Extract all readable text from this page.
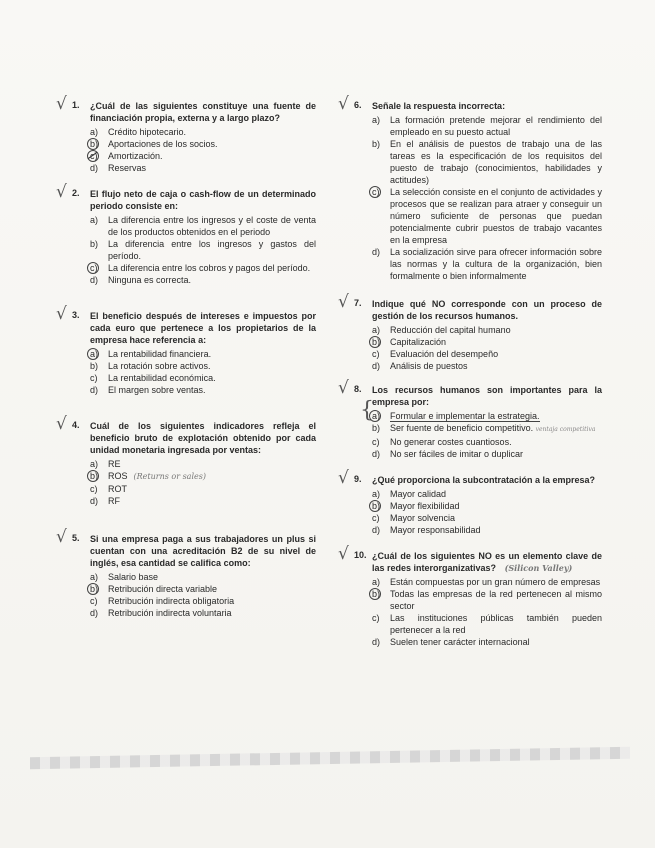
√ 1. ¿Cuál de las siguientes constituye una fuente de financiación propia, externa y a largo plazo?
a) Crédito hipotecario.
b) Aportaciones de los socios.
c) Amortización.
d) Reservas
√ 2. El flujo neto de caja o cash-flow de un determinado periodo consiste en:
a) La diferencia entre los ingresos y el coste de venta de los productos obtenidos en el periodo
b) La diferencia entre los ingresos y gastos del período.
c) La diferencia entre los cobros y pagos del período.
d) Ninguna es correcta.
√ 3. El beneficio después de intereses e impuestos por cada euro que pertenece a los propietarios de la empresa hace referencia a:
a) La rentabilidad financiera.
b) La rotación sobre activos.
c) La rentabilidad económica.
d) El margen sobre ventas.
√ 4. Cuál de los siguientes indicadores refleja el beneficio bruto de explotación obtenido por cada unidad monetaria ingresada por ventas:
a) RE
b) ROS (Returns or sales)
c) ROT
d) RF
√ 5. Si una empresa paga a sus trabajadores un plus si cuentan con una acreditación B2 de su nivel de inglés, esa cantidad se califica como:
a) Salario base
b) Retribución directa variable
c) Retribución indirecta obligatoria
d) Retribución indirecta voluntaria
√ 6. Señale la respuesta incorrecta:
a) La formación pretende mejorar el rendimiento del empleado en su puesto actual
b) En el análisis de puestos de trabajo una de las tareas es la especificación de los requisitos del puesto de trabajo (conocimientos, habilidades y actitudes)
c) La selección consiste en el conjunto de actividades y procesos que se realizan para atraer y conseguir un número suficiente de personas que puedan potencialmente cubrir puestos de trabajo vacantes en la empresa
d) La socialización sirve para ofrecer información sobre las normas y la cultura de la organización, bien formalmente o bien informalmente
√ 7. Indique qué NO corresponde con un proceso de gestión de los recursos humanos.
a) Reducción del capital humano
b) Capitalización
c) Evaluación del desempeño
d) Análisis de puestos
√ 8. Los recursos humanos son importantes para la empresa por:
{
a) Formular e implementar la estrategia.
b) Ser fuente de beneficio competitivo. ventaja competitiva
c) No generar costes cuantiosos.
d) No ser fáciles de imitar o duplicar
√ 9. ¿Qué proporciona la subcontratación a la empresa?
a) Mayor calidad
b) Mayor flexibilidad
c) Mayor solvencia
d) Mayor responsabilidad
√ 10. ¿Cuál de los siguientes NO es un elemento clave de las redes interorganizativas? (Silicon Valley)
a) Están compuestas por un gran número de empresas
b) Todas las empresas de la red pertenecen al mismo sector
c) Las instituciones públicas también pueden pertenecer a la red
d) Suelen tener carácter internacional
